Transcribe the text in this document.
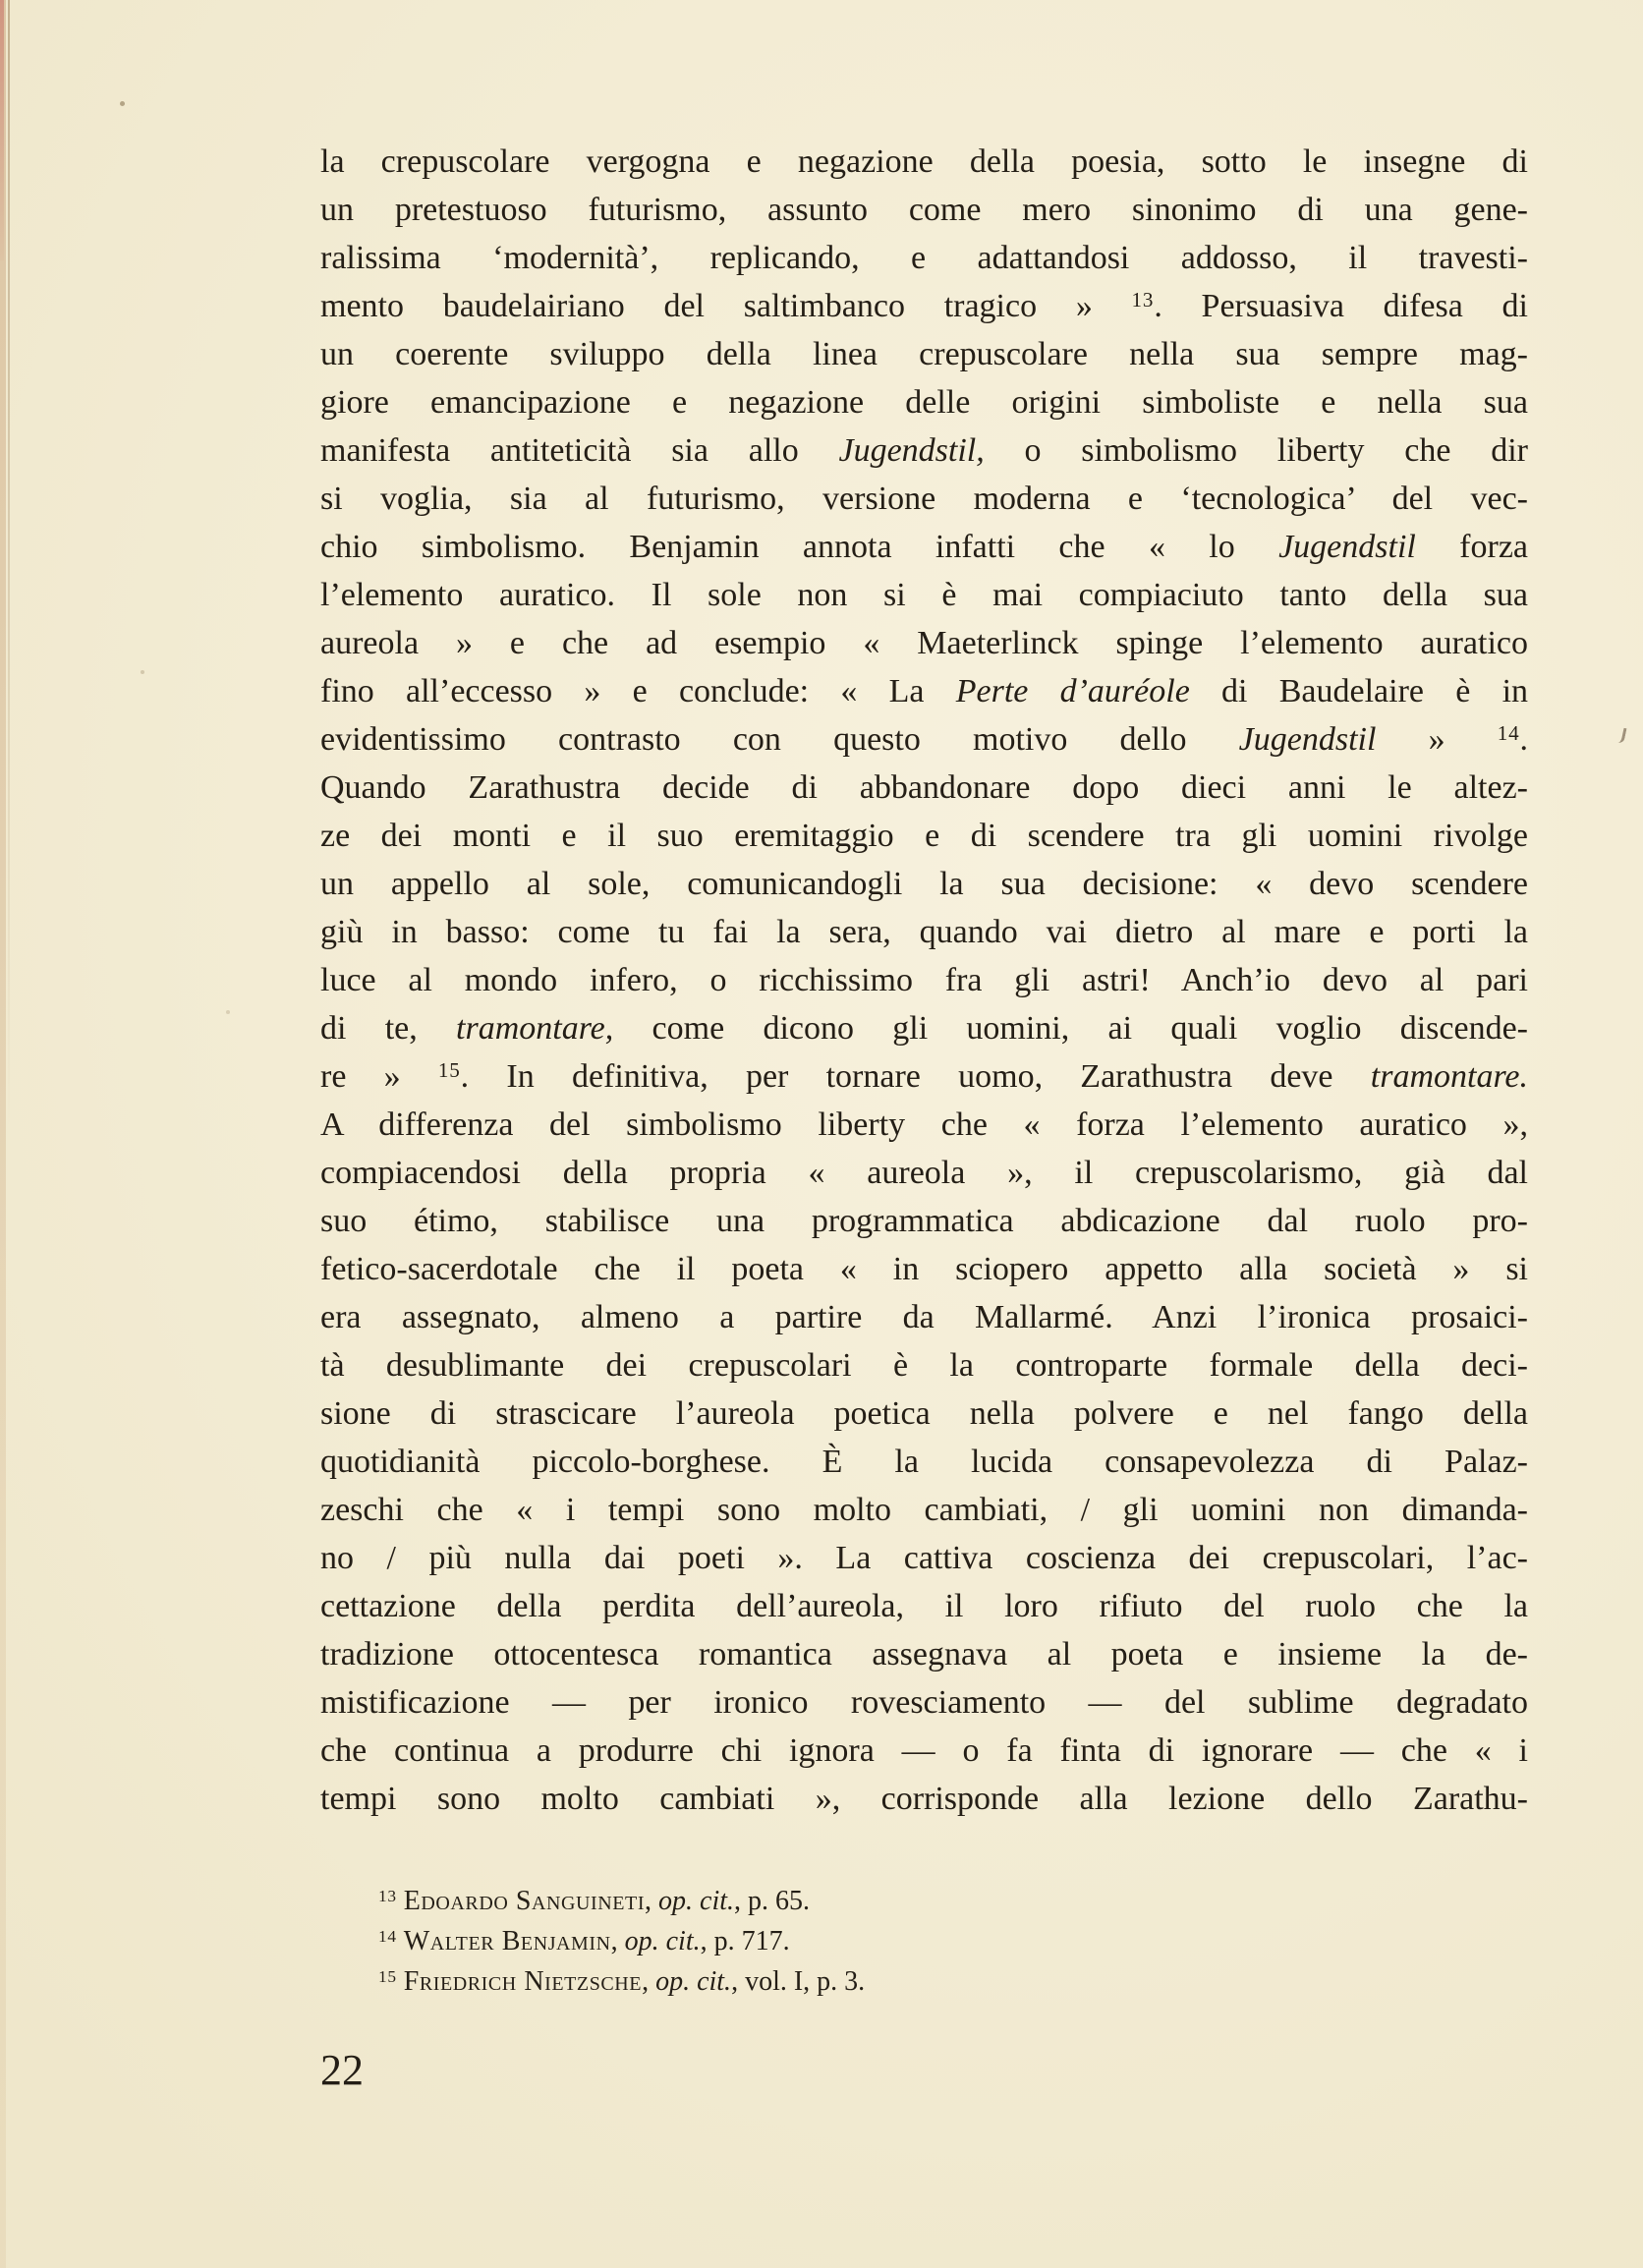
la crepuscolare vergogna e negazione della poesia, sotto le insegne di
un pretestuoso futurismo, assunto come mero sinonimo di una gene-
ralissima ‘modernità’, replicando, e adattandosi addosso, il travesti-
mento baudelairiano del saltimbanco tragico » $^{13}$. Persuasiva difesa di
un coerente sviluppo della linea crepuscolare nella sua sempre mag-
giore emancipazione e negazione delle origini simboliste e nella sua
manifesta antiteticità sia allo Jugendstil, o simbolismo liberty che dir
si voglia, sia al futurismo, versione moderna e ‘tecnologica’ del vec-
chio simbolismo. Benjamin annota infatti che « lo Jugendstil forza
l’elemento auratico. Il sole non si è mai compiaciuto tanto della sua
aureola » e che ad esempio « Maeterlinck spinge l’elemento auratico
fino all’eccesso » e conclude: « La Perte d’auréole di Baudelaire è in
evidentissimo contrasto con questo motivo dello Jugendstil » $^{14}$.
Quando Zarathustra decide di abbandonare dopo dieci anni le altez-
ze dei monti e il suo eremitaggio e di scendere tra gli uomini rivolge
un appello al sole, comunicandogli la sua decisione: « devo scendere
giù in basso: come tu fai la sera, quando vai dietro al mare e porti la
luce al mondo infero, o ricchissimo fra gli astri! Anch’io devo al pari
di te, tramontare, come dicono gli uomini, ai quali voglio discende-
re » $^{15}$. In definitiva, per tornare uomo, Zarathustra deve tramontare.
A differenza del simbolismo liberty che « forza l’elemento auratico »,
compiacendosi della propria « aureola », il crepuscolarismo, già dal
suo étimo, stabilisce una programmatica abdicazione dal ruolo pro-
fetico-sacerdotale che il poeta « in sciopero appetto alla società » si
era assegnato, almeno a partire da Mallarmé. Anzi l’ironica prosaici-
tà desublimante dei crepuscolari è la controparte formale della deci-
sione di strascicare l’aureola poetica nella polvere e nel fango della
quotidianità piccolo-borghese. È la lucida consapevolezza di Palaz-
zeschi che « i tempi sono molto cambiati, / gli uomini non dimanda-
no / più nulla dai poeti ». La cattiva coscienza dei crepuscolari, l’ac-
cettazione della perdita dell’aureola, il loro rifiuto del ruolo che la
tradizione ottocentesca romantica assegnava al poeta e insieme la de-
mistificazione — per ironico rovesciamento — del sublime degradato
che continua a produrre chi ignora — o fa finta di ignorare — che « i
tempi sono molto cambiati », corrisponde alla lezione dello Zarathu-
$^{13}$ Edoardo Sanguineti, op. cit., p. 65.
$^{14}$ Walter Benjamin, op. cit., p. 717.
$^{15}$ Friedrich Nietzsche, op. cit., vol. I, p. 3.
22
